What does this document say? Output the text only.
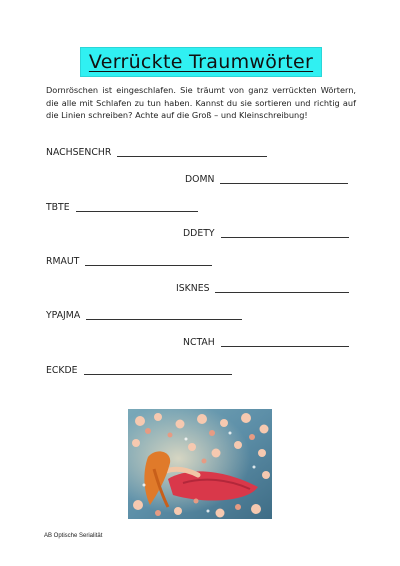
Verrückte Traumwörter
Dornröschen ist eingeschlafen. Sie träumt von ganz verrückten Wörtern, die alle mit Schlafen zu tun haben. Kannst du sie sortieren und richtig auf die Linien schreiben? Achte auf die Groß – und Kleinschreibung!
NACHSENCHR
DOMN
TBTE
DDETY
RMAUT
ISKNES
YPAJMA
NCTAH
ECKDE
AB Optische Serialität
